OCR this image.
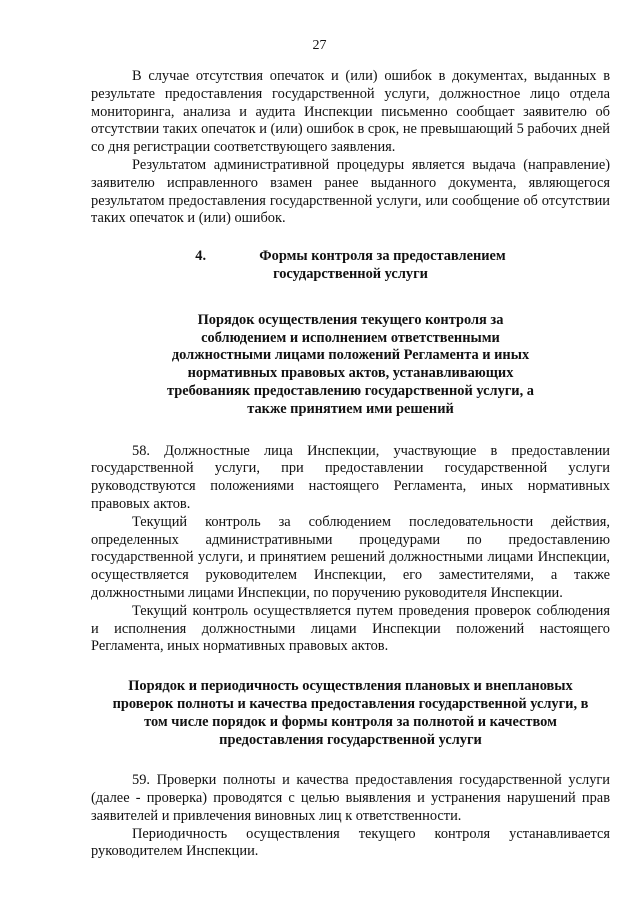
27

В случае отсутствия опечаток и (или) ошибок в документах, выданных в результате предоставления государственной услуги, должностное лицо отдела мониторинга, анализа и аудита Инспекции письменно сообщает заявителю об отсутствии таких опечаток и (или) ошибок в срок, не превышающий 5 рабочих дней со дня регистрации соответствующего заявления.

Результатом административной процедуры является выдача (направление) заявителю исправленного взамен ранее выданного документа, являющегося результатом предоставления государственной услуги, или сообщение об отсутствии таких опечаток и (или) ошибок.

4.	Формы контроля за предоставлением
государственной услуги
Порядок осуществления текущего контроля за
соблюдением и исполнением ответственными
должностными лицами положений Регламента и иных
нормативных правовых актов, устанавливающих
требованияк предоставлению государственной услуги, а
также принятием ими решений

58. Должностные лица Инспекции, участвующие в предоставлении государственной услуги, при предоставлении государственной услуги руководствуются положениями настоящего Регламента, иных нормативных правовых актов.

Текущий контроль за соблюдением последовательности действия, определенных административными процедурами по предоставлению государственной услуги, и принятием решений должностными лицами Инспекции, осуществляется руководителем Инспекции, его заместителями, а также должностными лицами Инспекции, по поручению руководителя Инспекции.

Текущий контроль осуществляется путем проведения проверок соблюдения и исполнения должностными лицами Инспекции положений настоящего Регламента, иных нормативных правовых актов.

Порядок и периодичность осуществления плановых и внеплановых
проверок полноты и качества предоставления государственной услуги, в
том числе порядок и формы контроля за полнотой и качеством
предоставления государственной услуги

59. Проверки полноты и качества предоставления государственной услуги (далее - проверка) проводятся с целью выявления и устранения нарушений прав заявителей и привлечения виновных лиц к ответственности.

Периодичность осуществления текущего контроля устанавливается руководителем Инспекции.
